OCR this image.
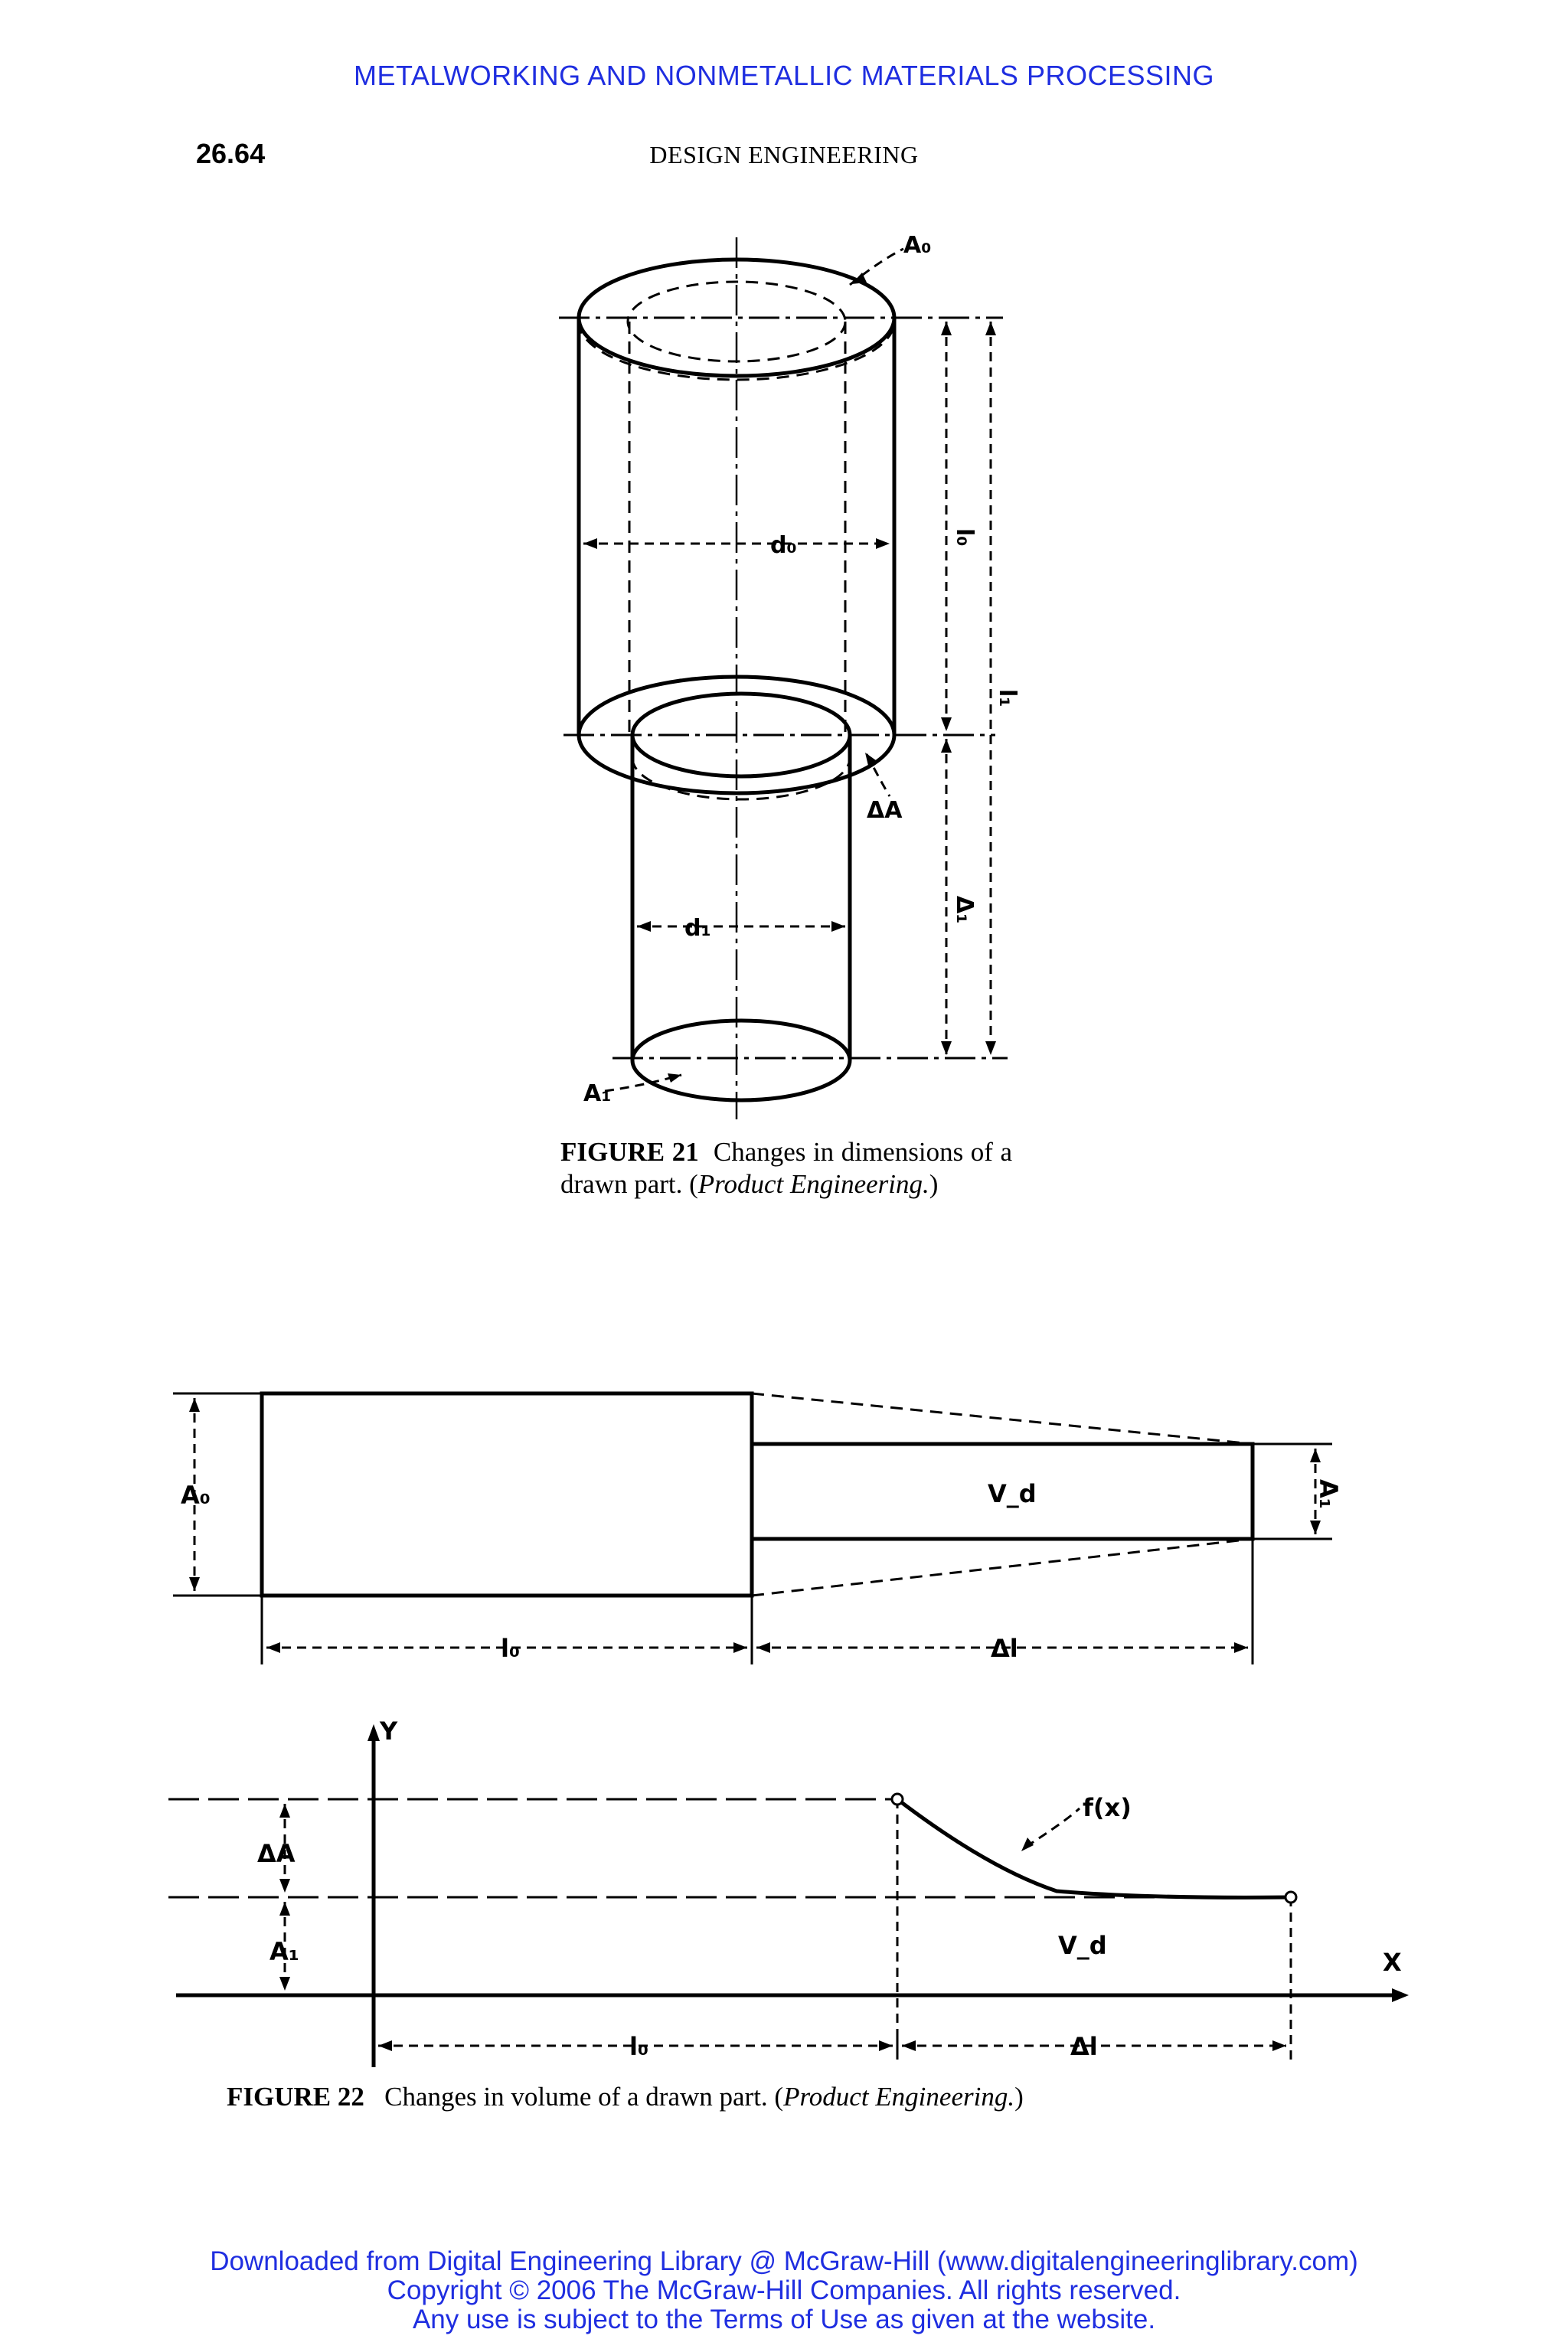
METALWORKING AND NONMETALLIC MATERIALS PROCESSING
26.64	DESIGN ENGINEERING
A₀
d₀	l₀
l₁
ΔA
d₁
Δ₁
A₁
FIGURE 21 Changes in dimensions of a drawn part. (Product Engineering.)
A₀	V_d	A₁
l₀	Δl
Y
f(x)
ΔA
A₁	V_d
X
l₀	Δl
FIGURE 22 Changes in volume of a drawn part. (Product Engineering.)
Downloaded from Digital Engineering Library @ McGraw-Hill (www.digitalengineeringlibrary.com)
Copyright © 2006 The McGraw-Hill Companies. All rights reserved.
Any use is subject to the Terms of Use as given at the website.
